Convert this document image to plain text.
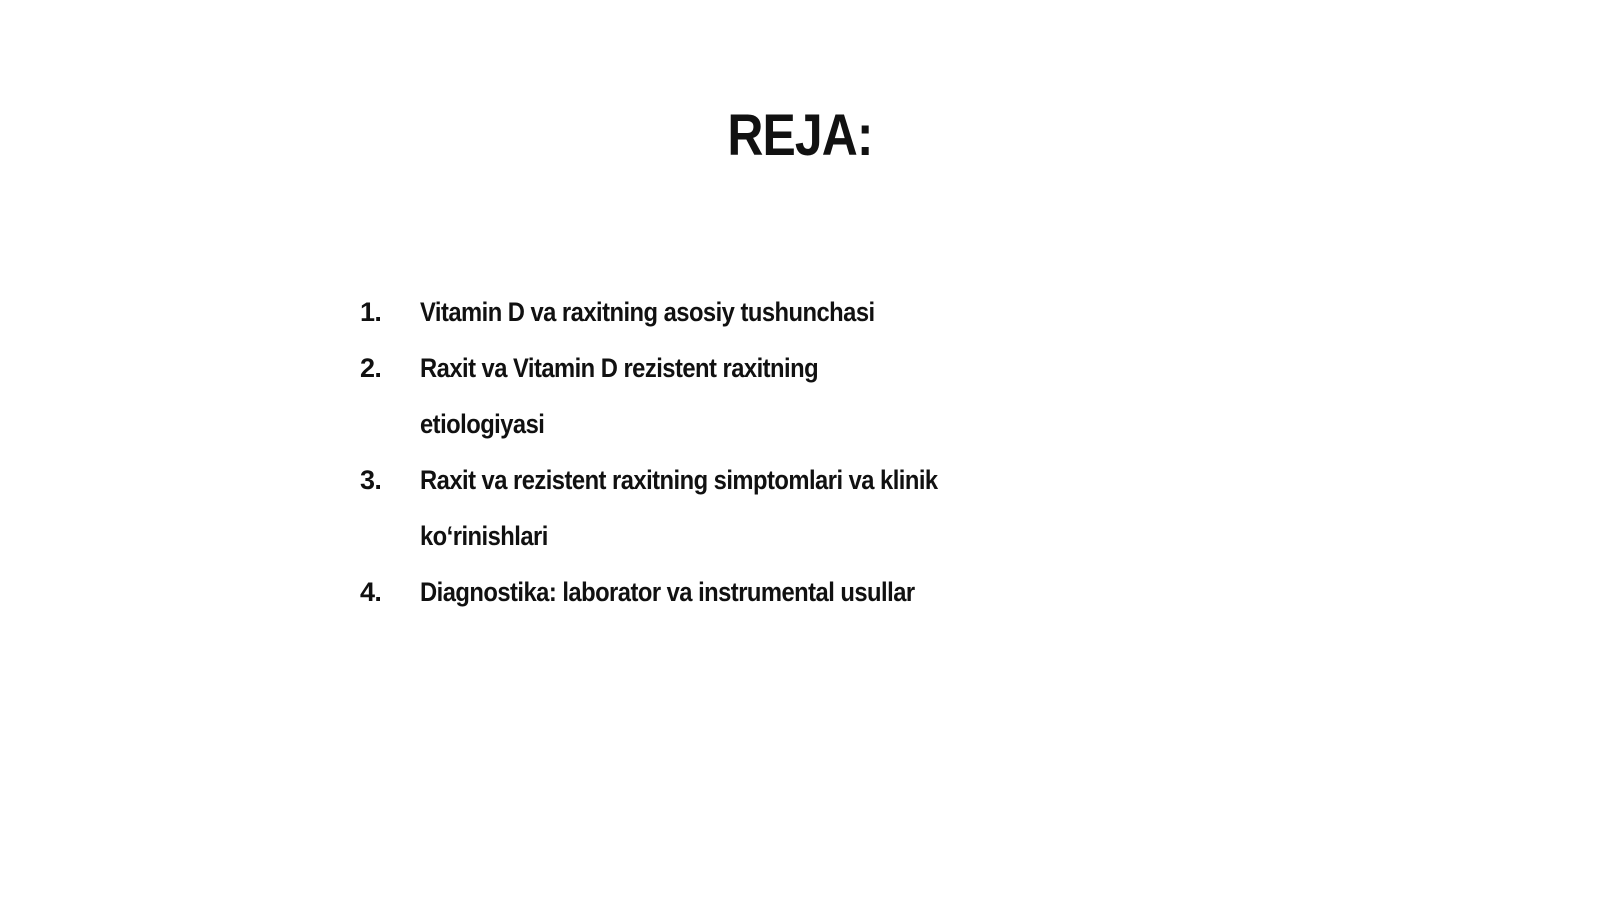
REJA:
1.	Vitamin D va raxitning asosiy tushunchasi
2.	Raxit va Vitamin D rezistent raxitning etiologiyasi
3.	Raxit va rezistent raxitning simptomlari va klinik ko‘rinishlari
4.	Diagnostika: laborator va instrumental usullar
